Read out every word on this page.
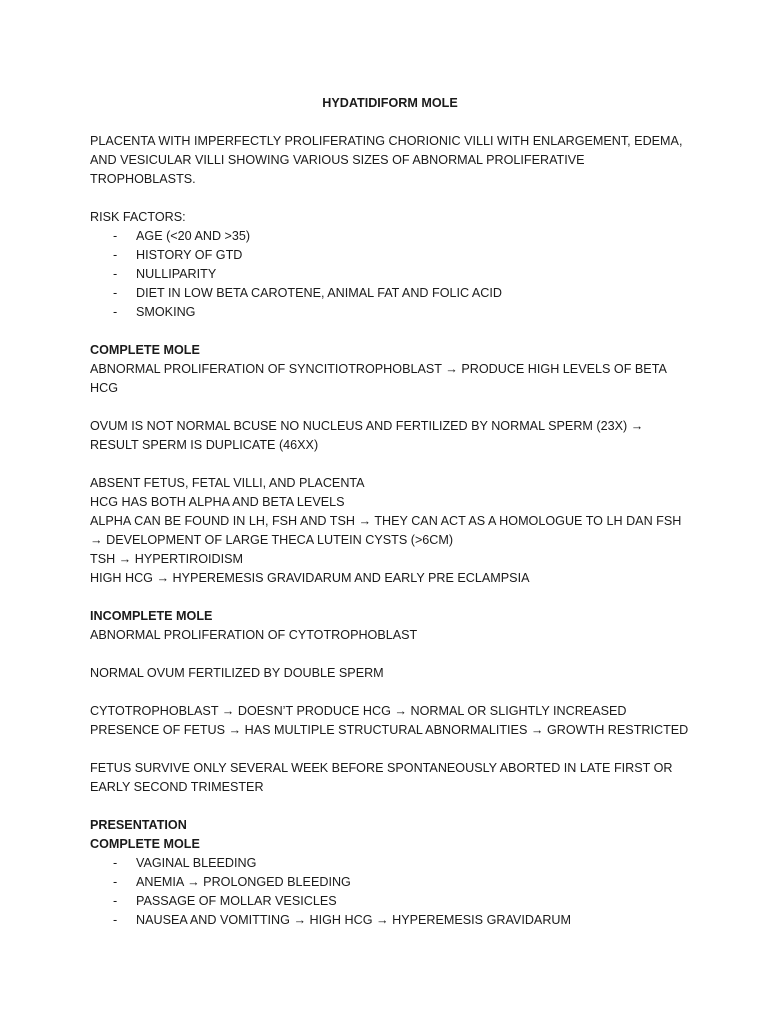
HYDATIDIFORM MOLE

PLACENTA WITH IMPERFECTLY PROLIFERATING CHORIONIC VILLI WITH ENLARGEMENT, EDEMA, AND VESICULAR VILLI SHOWING VARIOUS SIZES OF ABNORMAL PROLIFERATIVE TROPHOBLASTS.

RISK FACTORS:

- AGE (<20 AND >35)
- HISTORY OF GTD
- NULLIPARITY
- DIET IN LOW BETA CAROTENE, ANIMAL FAT AND FOLIC ACID
- SMOKING

COMPLETE MOLE

ABNORMAL PROLIFERATION OF SYNCITIOTROPHOBLAST → PRODUCE HIGH LEVELS OF BETA HCG

OVUM IS NOT NORMAL BCUSE NO NUCLEUS AND FERTILIZED BY NORMAL SPERM (23X) → RESULT SPERM IS DUPLICATE (46XX)

ABSENT FETUS, FETAL VILLI, AND PLACENTA

HCG HAS BOTH ALPHA AND BETA LEVELS

ALPHA CAN BE FOUND IN LH, FSH AND TSH → THEY CAN ACT AS A HOMOLOGUE TO LH DAN FSH → DEVELOPMENT OF LARGE THECA LUTEIN CYSTS (>6CM)

TSH → HYPERTIROIDISM

HIGH HCG → HYPEREMESIS GRAVIDARUM AND EARLY PRE ECLAMPSIA

INCOMPLETE MOLE

ABNORMAL PROLIFERATION OF CYTOTROPHOBLAST

NORMAL OVUM FERTILIZED BY DOUBLE SPERM

CYTOTROPHOBLAST → DOESN’T PRODUCE HCG → NORMAL OR SLIGHTLY INCREASED

PRESENCE OF FETUS → HAS MULTIPLE STRUCTURAL ABNORMALITIES → GROWTH RESTRICTED

FETUS SURVIVE ONLY SEVERAL WEEK BEFORE SPONTANEOUSLY ABORTED IN LATE FIRST OR EARLY SECOND TRIMESTER

PRESENTATION

COMPLETE MOLE

- VAGINAL BLEEDING
- ANEMIA → PROLONGED BLEEDING
- PASSAGE OF MOLLAR VESICLES
- NAUSEA AND VOMITTING → HIGH HCG → HYPEREMESIS GRAVIDARUM
